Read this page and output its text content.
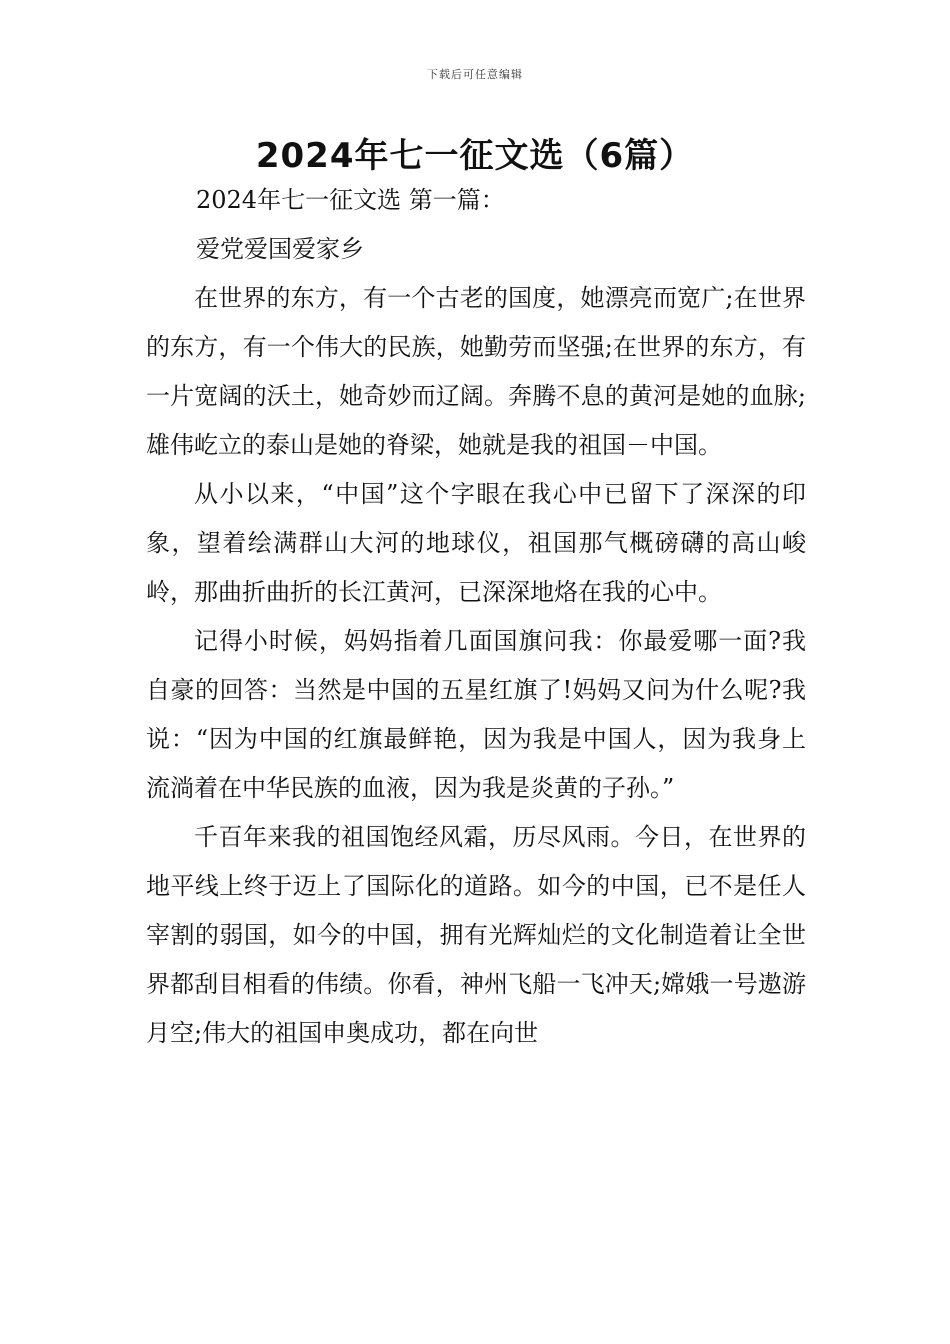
下载后可任意编辑
2024年七一征文选（6篇）

2024年七一征文选 第一篇：

爱党爱国爱家乡

在世界的东方，有一个古老的国度，她漂亮而宽广;在世界的东方，有一个伟大的民族，她勤劳而坚强;在世界的东方，有一片宽阔的沃土，她奇妙而辽阔。奔腾不息的黄河是她的血脉;雄伟屹立的泰山是她的脊梁，她就是我的祖国－中国。

从小以来，“中国”这个字眼在我心中已留下了深深的印象，望着绘满群山大河的地球仪，祖国那气概磅礴的高山峻岭，那曲折曲折的长江黄河，已深深地烙在我的心中。

记得小时候，妈妈指着几面国旗问我：你最爱哪一面?我自豪的回答：当然是中国的五星红旗了!妈妈又问为什么呢?我说：“因为中国的红旗最鲜艳，因为我是中国人，因为我身上流淌着在中华民族的血液，因为我是炎黄的子孙。”

千百年来我的祖国饱经风霜，历尽风雨。今日，在世界的地平线上终于迈上了国际化的道路。如今的中国，已不是任人宰割的弱国，如今的中国，拥有光辉灿烂的文化制造着让全世界都刮目相看的伟绩。你看，神州飞船一飞冲天;嫦娥一号遨游月空;伟大的祖国申奥成功，都在向世
